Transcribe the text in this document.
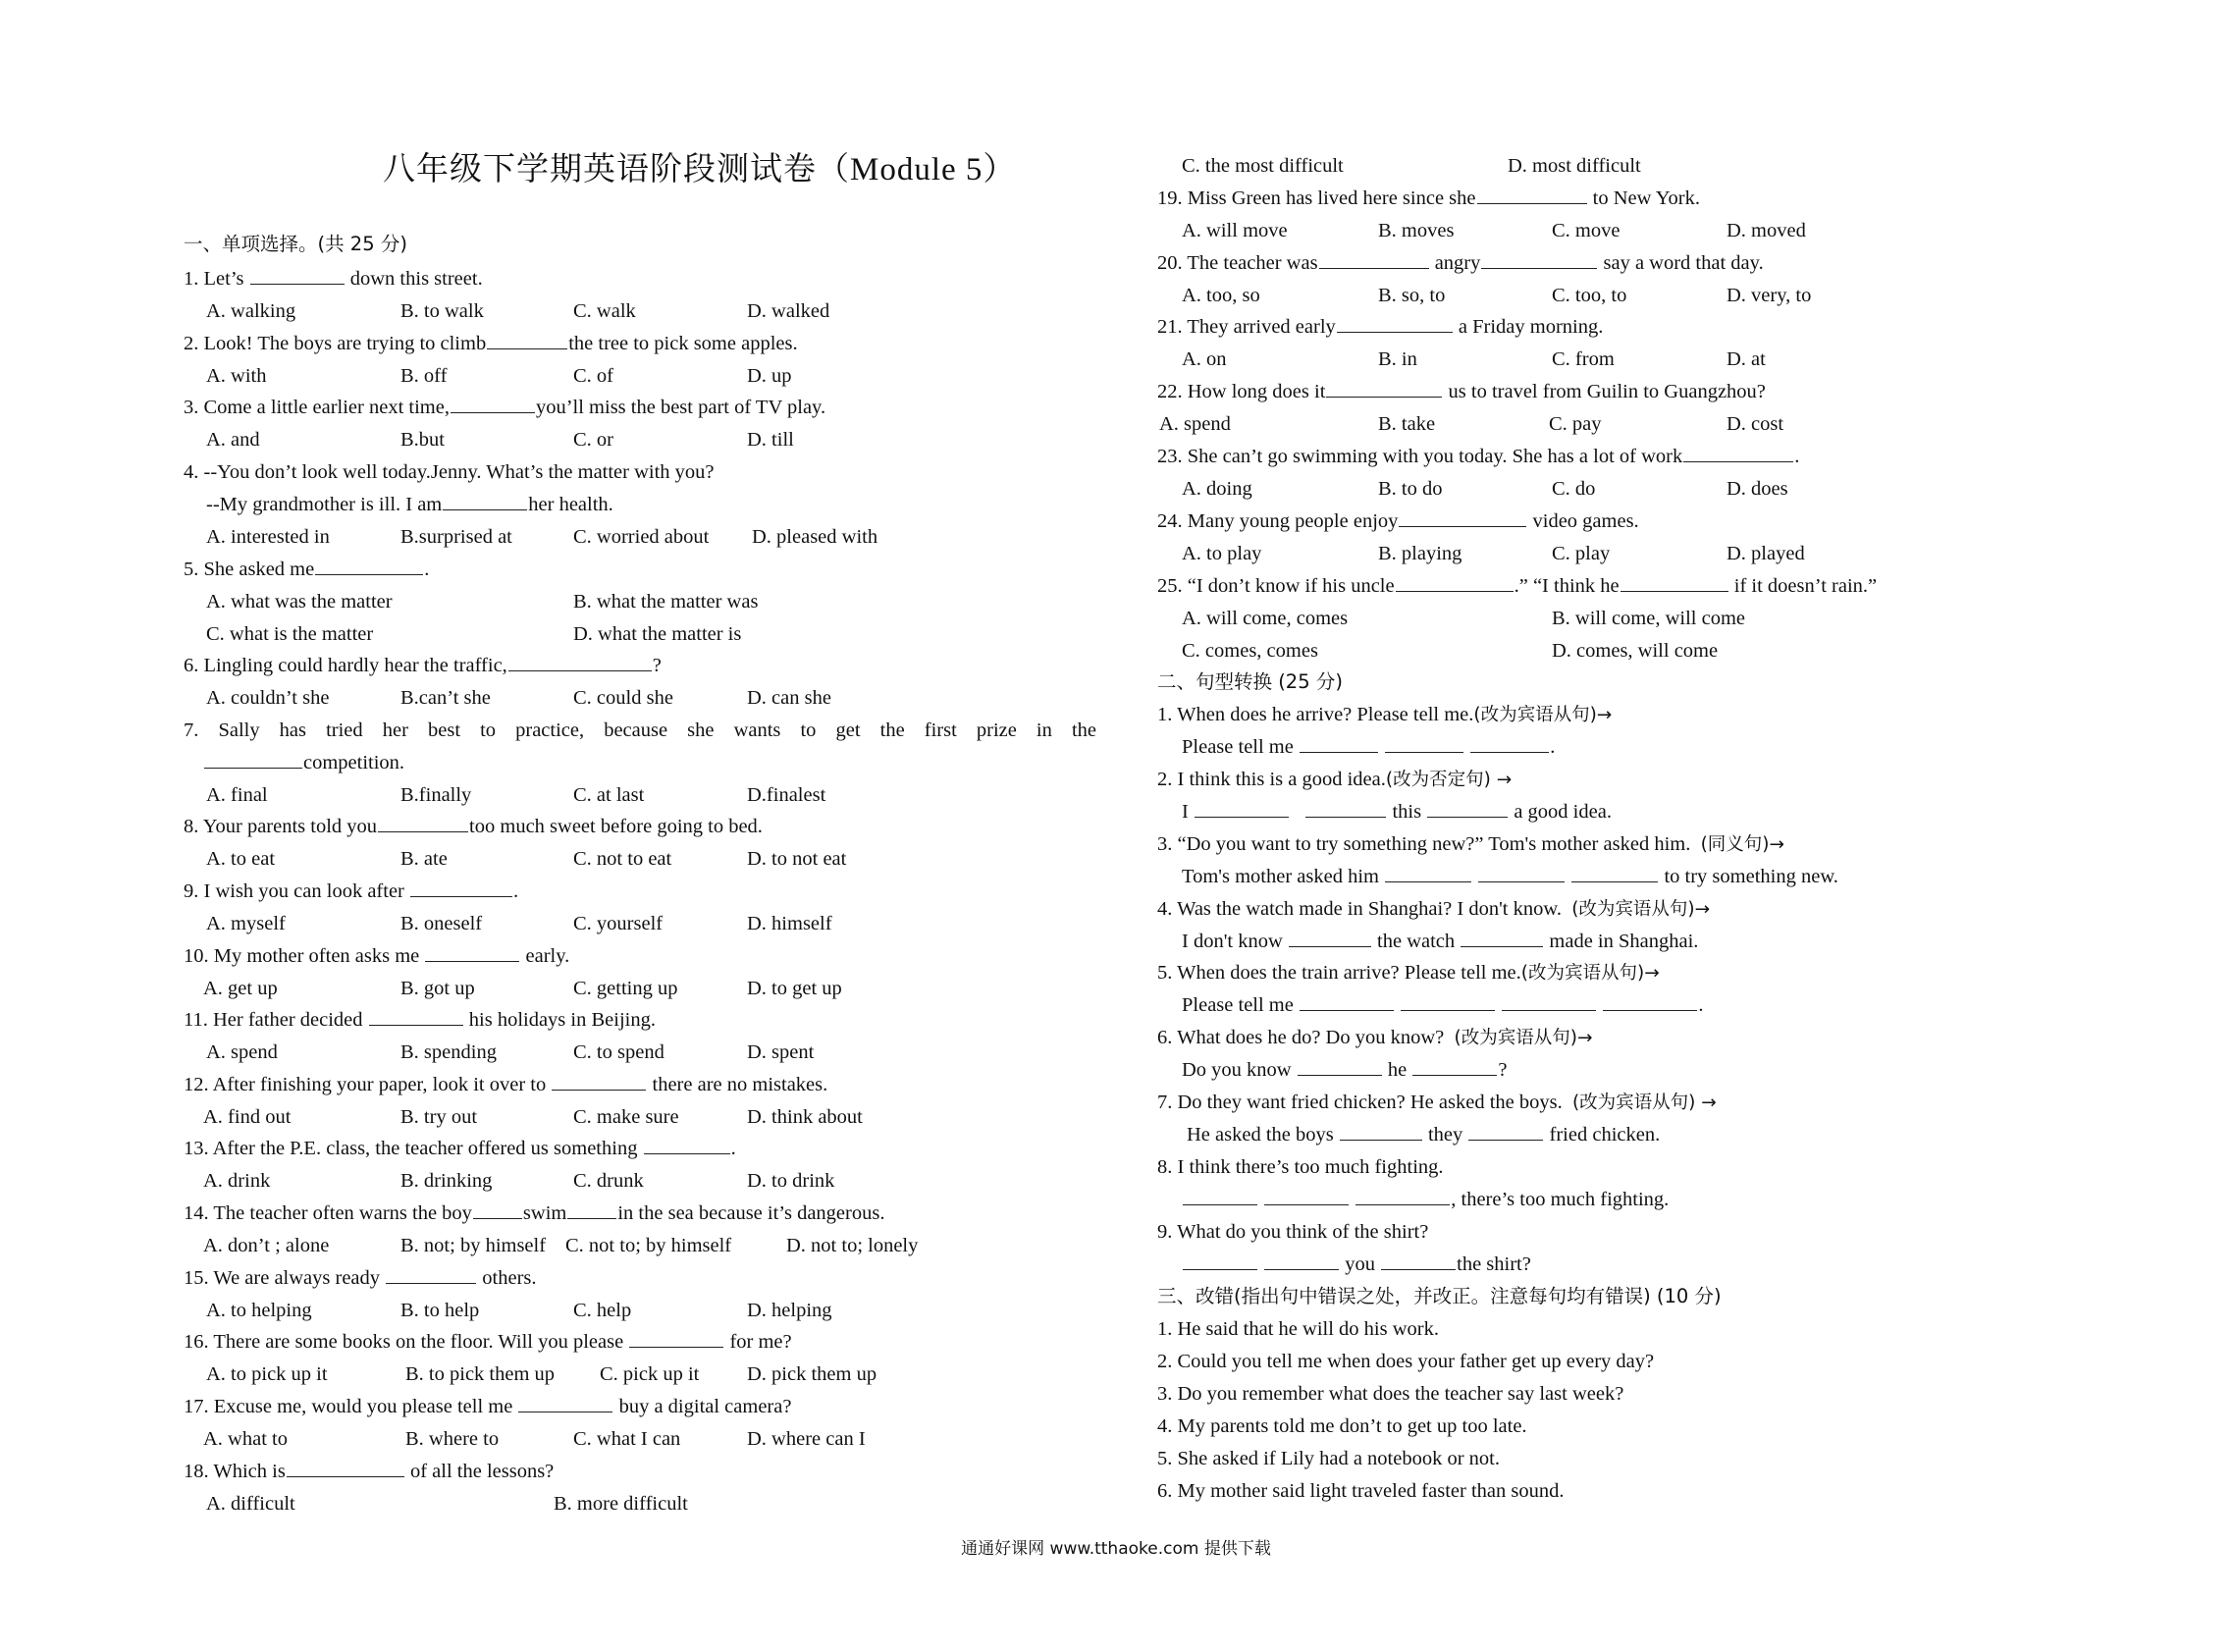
八年级下学期英语阶段测试卷（Module 5）
一、单项选择。(共 25 分)
1. Let’s	down this street.
A. walking	B. to walk	C. walk	D. walked
2. Look! The boys are trying to climb	the tree to pick some apples.
A. with	B. off	C. of	D. up
3. Come a little earlier next time,	you’ll miss the best part of TV play.
A. and	B.but	C. or	D. till
4. --You don’t look well today.Jenny. What’s the matter with you?
--My grandmother is ill. I am	her health.
A. interested in	B.surprised at	C. worried about D. pleased with
5. She asked me	.
A. what was the matter	B. what the matter was
C. what is the matter	D. what the matter is
6. Lingling could hardly hear the traffic,	?
A. couldn’t she	B.can’t she	C. could she	D. can she
7. Sally has tried her best to practice, because she wants to get the first prize in the
competition.
A. final	B.finally	C. at last	D.finalest
8. Your parents told you	too much sweet before going to bed.
A. to eat	B. ate	C. not to eat	D. to not eat
9. I wish you can look after	.
A. myself	B. oneself	C. yourself	D. himself
10. My mother often asks me	early.
A. get up	B. got up	C. getting up	D. to get up
11. Her father decided	his holidays in Beijing.
A. spend	B. spending	C. to spend	D. spent
12. After finishing your paper, look it over to	there are no mistakes.
A. find out	B. try out	C. make sure	D. think about
13. After the P.E. class, the teacher offered us something	.
A. drink	B. drinking	C. drunk	D. to drink
14. The teacher often warns the boy	swim	in the sea because it’s dangerous.
A. don’t ; alone	B. not; by himself C. not to; by himself	D. not to; lonely
15. We are always ready	others.
A. to helping	B. to help	C. help	D. helping
16. There are some books on the floor. Will you please	for me?
A. to pick up it	B. to pick them up C. pick up it D. pick them up
17. Excuse me, would you please tell me	buy a digital camera?
A. what to	B. where to	C. what I can	D. where can I
18. Which is	of all the lessons?
A. difficult	B. more difficult
C. the most difficult	D. most difficult
19. Miss Green has lived here since she	to New York.
A. will move	B. moves	C. move	D. moved
20. The teacher was	angry	say a word that day.
A. too, so	B. so, to	C. too, to	D. very, to
21. They arrived early	a Friday morning.
A. on	B. in	C. from	D. at
22. How long does it	us to travel from Guilin to Guangzhou?
A. spend	B. take	C. pay	D. cost
23. She can’t go swimming with you today. She has a lot of work	.
A. doing	B. to do	C. do	D. does
24. Many young people enjoy	video games.
A. to play	B. playing	C. play	D. played
25. “I don’t know if his uncle	.” “I think he	if it doesn’t rain.”
A. will come, comes	B. will come, will come
C. comes, comes	D. comes, will come
二、句型转换 (25 分)
1. When does he arrive? Please tell me.(改为宾语从句)→
Please tell me	.
2. I think this is a good idea.(改为否定句) →
I	this	a good idea.
3. “Do you want to try something new?” Tom's mother asked him. (同义句)→
Tom's mother asked him	to try something new.
4. Was the watch made in Shanghai? I don't know. (改为宾语从句)→
I don't know	the watch	made in Shanghai.
5. When does the train arrive? Please tell me.(改为宾语从句)→
Please tell me	.
6. What does he do? Do you know? (改为宾语从句)→
Do you know	he	?
7. Do they want fried chicken? He asked the boys. (改为宾语从句) →
He asked the boys	they	fried chicken.
8. I think there’s too much fighting.
, there’s too much fighting.
9. What do you think of the shirt?
you	the shirt?
三、改错(指出句中错误之处，并改正。注意每句均有错误) (10 分)
1. He said that he will do his work.
2. Could you tell me when does your father get up every day?
3. Do you remember what does the teacher say last week?
4. My parents told me don’t to get up too late.
5. She asked if Lily had a notebook or not.
6. My mother said light traveled faster than sound.
通通好课网 www.tthaoke.com 提供下载
